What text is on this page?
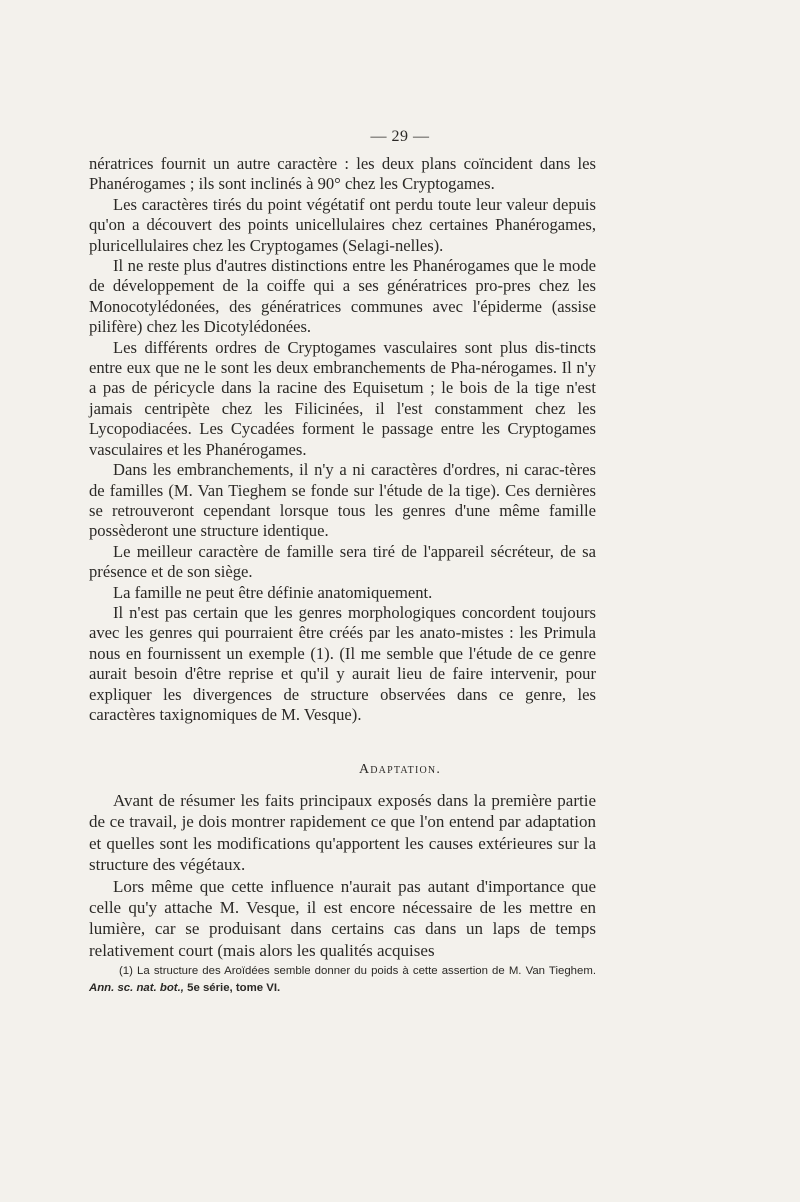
— 29 —

nératrices fournit un autre caractère : les deux plans coïncident dans les Phanérogames ; ils sont inclinés à 90° chez les Cryptogames.

Les caractères tirés du point végétatif ont perdu toute leur valeur depuis qu'on a découvert des points unicellulaires chez certaines Phanérogames, pluricellulaires chez les Cryptogames (Selagi-nelles).

Il ne reste plus d'autres distinctions entre les Phanérogames que le mode de développement de la coiffe qui a ses génératrices pro-pres chez les Monocotylédonées, des génératrices communes avec l'épiderme (assise pilifère) chez les Dicotylédonées.

Les différents ordres de Cryptogames vasculaires sont plus dis-tincts entre eux que ne le sont les deux embranchements de Pha-nérogames. Il n'y a pas de péricycle dans la racine des Equisetum ; le bois de la tige n'est jamais centripète chez les Filicinées, il l'est constamment chez les Lycopodiacées. Les Cycadées forment le passage entre les Cryptogames vasculaires et les Phanérogames.

Dans les embranchements, il n'y a ni caractères d'ordres, ni carac-tères de familles (M. Van Tieghem se fonde sur l'étude de la tige). Ces dernières se retrouveront cependant lorsque tous les genres d'une même famille possèderont une structure identique.

Le meilleur caractère de famille sera tiré de l'appareil sécréteur, de sa présence et de son siège.

La famille ne peut être définie anatomiquement.

Il n'est pas certain que les genres morphologiques concordent toujours avec les genres qui pourraient être créés par les anato-mistes : les Primula nous en fournissent un exemple (1). (Il me semble que l'étude de ce genre aurait besoin d'être reprise et qu'il y aurait lieu de faire intervenir, pour expliquer les divergences de structure observées dans ce genre, les caractères taxignomiques de M. Vesque).

Adaptation.

Avant de résumer les faits principaux exposés dans la première partie de ce travail, je dois montrer rapidement ce que l'on entend par adaptation et quelles sont les modifications qu'apportent les causes extérieures sur la structure des végétaux.

Lors même que cette influence n'aurait pas autant d'importance que celle qu'y attache M. Vesque, il est encore nécessaire de les mettre en lumière, car se produisant dans certains cas dans un laps de temps relativement court (mais alors les qualités acquises

(1) La structure des Aroïdées semble donner du poids à cette assertion de M. Van Tieghem. Ann. sc. nat. bot., 5e série, tome VI.
